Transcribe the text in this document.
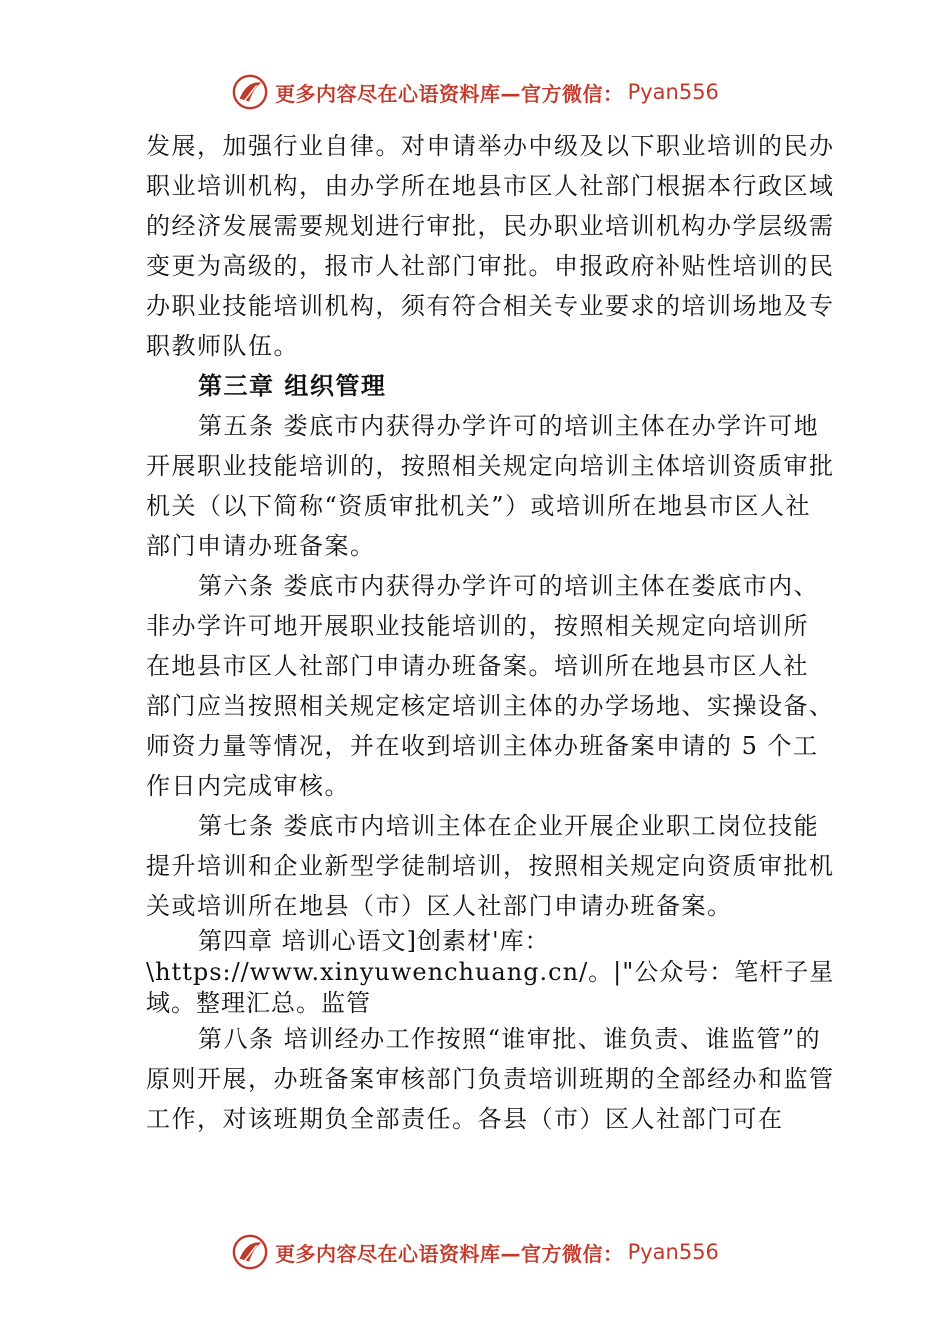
更多内容尽在心语资料库—官方微信： Pyan556

发展，加强行业自律。对申请举办中级及以下职业培训的民办职业培训机构，由办学所在地县市区人社部门根据本行政区域的经济发展需要规划进行审批，民办职业培训机构办学层级需变更为高级的，报市人社部门审批。申报政府补贴性培训的民办职业技能培训机构，须有符合相关专业要求的培训场地及专职教师队伍。

第三章 组织管理

第五条 娄底市内获得办学许可的培训主体在办学许可地开展职业技能培训的，按照相关规定向培训主体培训资质审批机关（以下简称“资质审批机关”）或培训所在地县市区人社部门申请办班备案。

第六条 娄底市内获得办学许可的培训主体在娄底市内、非办学许可地开展职业技能培训的，按照相关规定向培训所 在地县市区人社部门申请办班备案。培训所在地县市区人社 部门应当按照相关规定核定培训主体的办学场地、实操设备、师资力量等情况，并在收到培训主体办班备案申请的 5 个工作日内完成审核。

第七条 娄底市内培训主体在企业开展企业职工岗位技能提升培训和企业新型学徒制培训，按照相关规定向资质审批机关或培训所在地县（市）区人社部门申请办班备案。

第四章 培训心语文]创素材'库：

\https://www.xinyuwenchuang.cn/。|"公众号：笔杆子星域。整理汇总。监管

第八条 培训经办工作按照“谁审批、谁负责、谁监管”的原则开展，办班备案审核部门负责培训班期的全部经办和监管工作，对该班期负全部责任。各县（市）区人社部门可在

更多内容尽在心语资料库—官方微信： Pyan556
